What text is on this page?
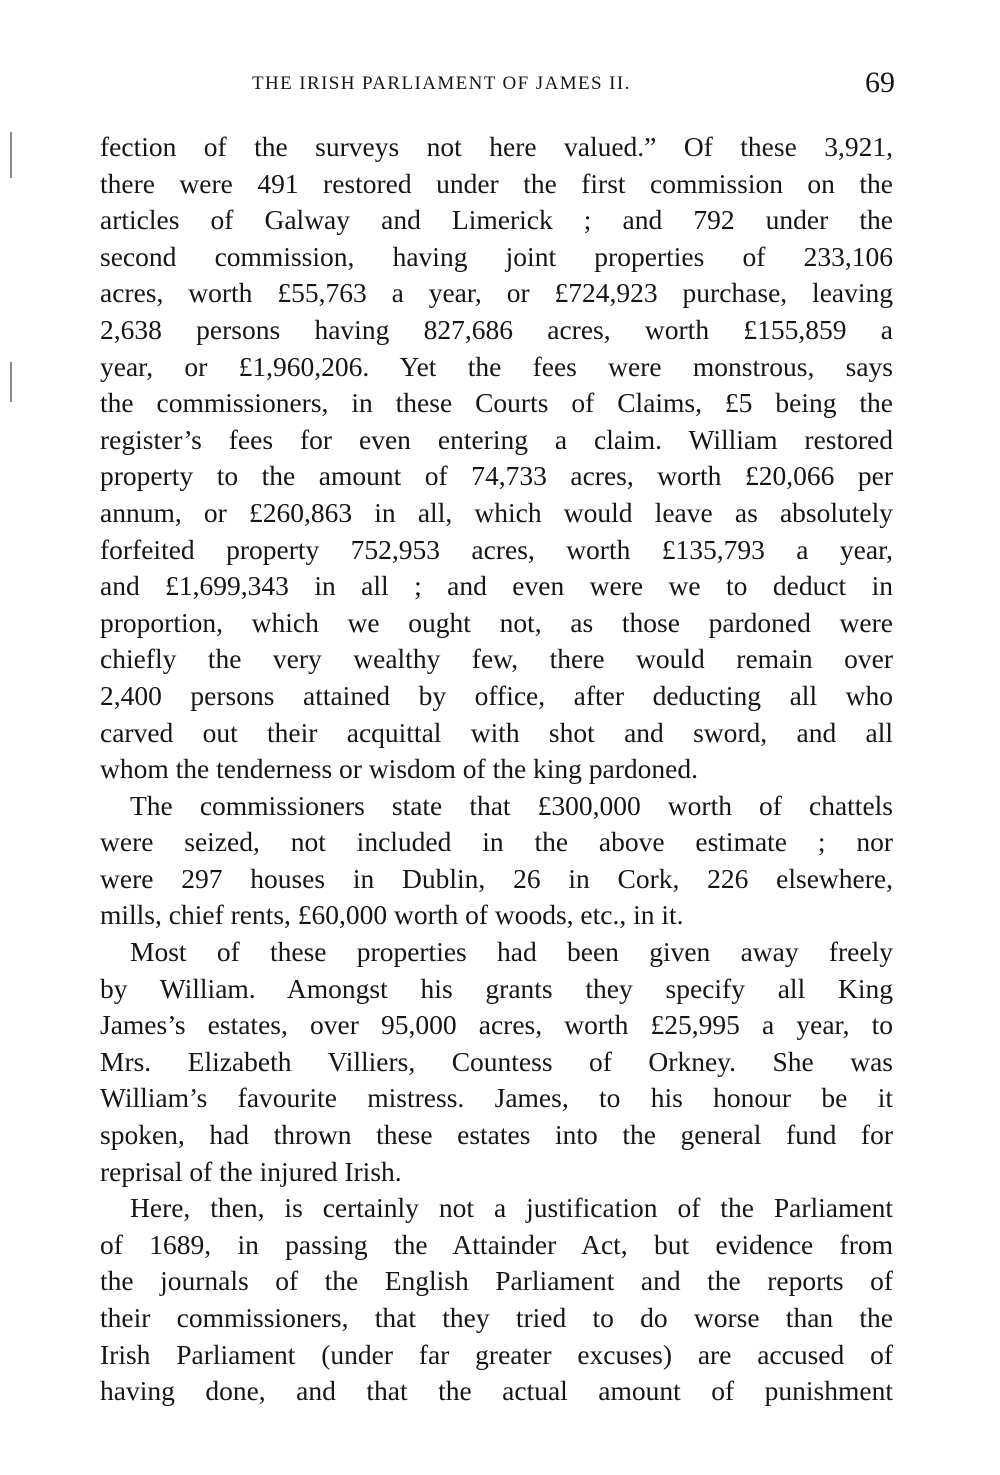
THE IRISH PARLIAMENT OF JAMES II.	69
fection of the surveys not here valued.” Of these 3,921,
there were 491 restored under the first commission on the
articles of Galway and Limerick ; and 792 under the
second commission, having joint properties of 233,106
acres, worth £55,763 a year, or £724,923 purchase, leaving
2,638 persons having 827,686 acres, worth £155,859 a
year, or £1,960,206. Yet the fees were monstrous, says
the commissioners, in these Courts of Claims, £5 being the
register’s fees for even entering a claim. William restored
property to the amount of 74,733 acres, worth £20,066 per
annum, or £260,863 in all, which would leave as absolutely
forfeited property 752,953 acres, worth £135,793 a year,
and £1,699,343 in all ; and even were we to deduct in
proportion, which we ought not, as those pardoned were
chiefly the very wealthy few, there would remain over
2,400 persons attained by office, after deducting all who
carved out their acquittal with shot and sword, and all
whom the tenderness or wisdom of the king pardoned.
The commissioners state that £300,000 worth of chattels
were seized, not included in the above estimate ; nor
were 297 houses in Dublin, 26 in Cork, 226 elsewhere,
mills, chief rents, £60,000 worth of woods, etc., in it.
Most of these properties had been given away freely
by William. Amongst his grants they specify all King
James’s estates, over 95,000 acres, worth £25,995 a year, to
Mrs. Elizabeth Villiers, Countess of Orkney. She was
William’s favourite mistress. James, to his honour be it
spoken, had thrown these estates into the general fund for
reprisal of the injured Irish.
Here, then, is certainly not a justification of the Parliament
of 1689, in passing the Attainder Act, but evidence from
the journals of the English Parliament and the reports of
their commissioners, that they tried to do worse than the
Irish Parliament (under far greater excuses) are accused of
having done, and that the actual amount of punishment
